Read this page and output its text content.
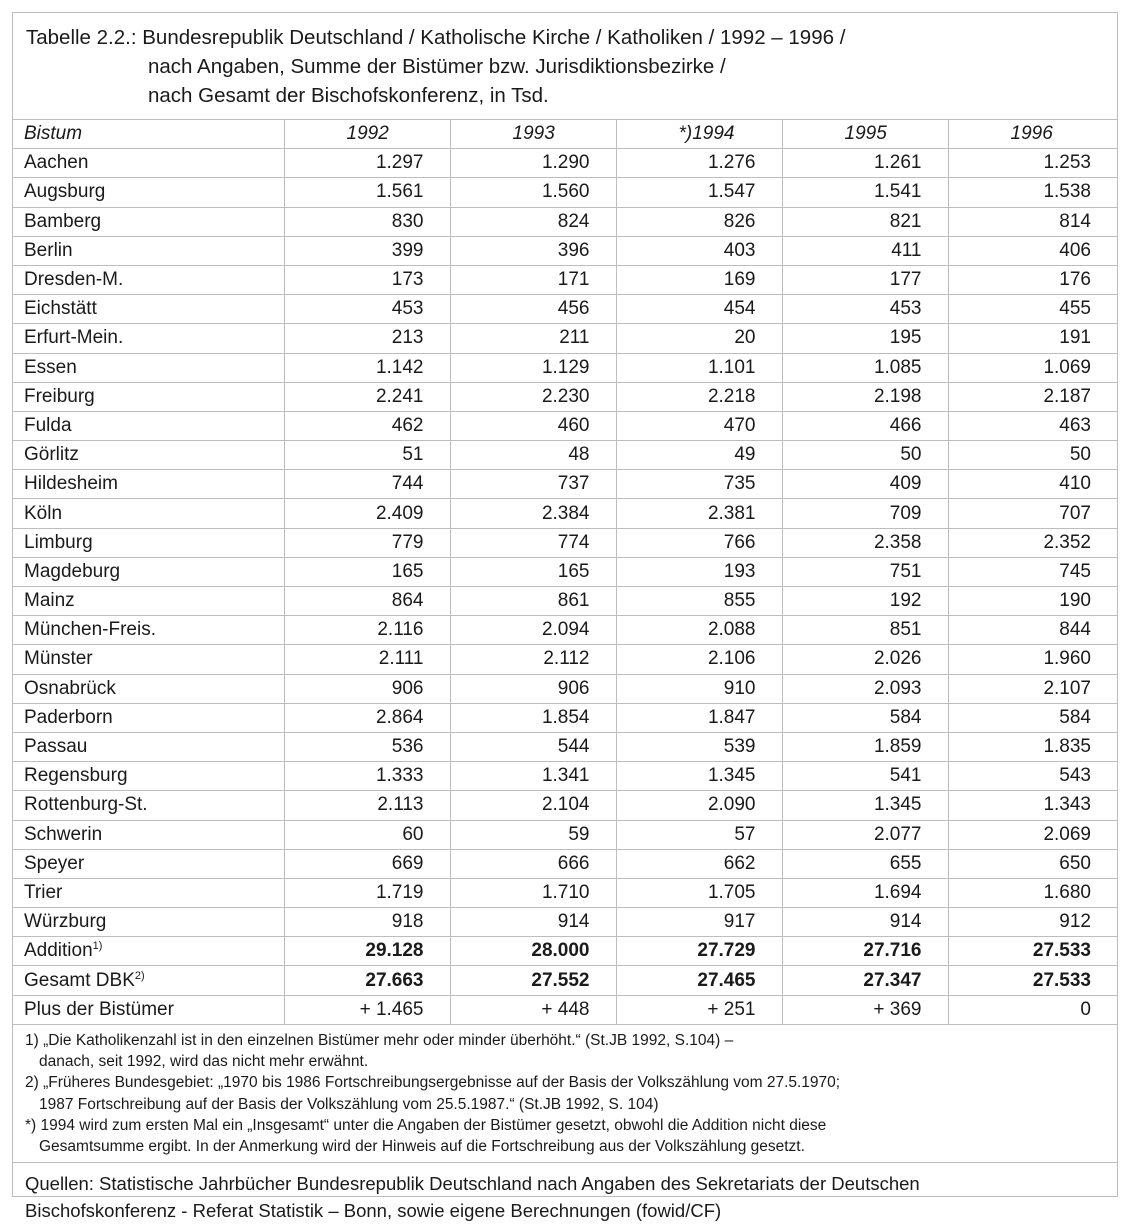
Tabelle 2.2.: Bundesrepublik Deutschland / Katholische Kirche / Katholiken / 1992 – 1996 /
nach Angaben, Summe der Bistümer bzw. Jurisdiktionsbezirke /
nach Gesamt der Bischofskonferenz, in Tsd.
Bistum	1992	1993	*)1994	1995	1996
Aachen	1.297	1.290	1.276	1.261	1.253
Augsburg	1.561	1.560	1.547	1.541	1.538
Bamberg	830	824	826	821	814
Berlin	399	396	403	411	406
Dresden-M.	173	171	169	177	176
Eichstätt	453	456	454	453	455
Erfurt-Mein.	213	211	20	195	191
Essen	1.142	1.129	1.101	1.085	1.069
Freiburg	2.241	2.230	2.218	2.198	2.187
Fulda	462	460	470	466	463
Görlitz	51	48	49	50	50
Hildesheim	744	737	735	409	410
Köln	2.409	2.384	2.381	709	707
Limburg	779	774	766	2.358	2.352
Magdeburg	165	165	193	751	745
Mainz	864	861	855	192	190
München-Freis.	2.116	2.094	2.088	851	844
Münster	2.111	2.112	2.106	2.026	1.960
Osnabrück	906	906	910	2.093	2.107
Paderborn	2.864	1.854	1.847	584	584
Passau	536	544	539	1.859	1.835
Regensburg	1.333	1.341	1.345	541	543
Rottenburg-St.	2.113	2.104	2.090	1.345	1.343
Schwerin	60	59	57	2.077	2.069
Speyer	669	666	662	655	650
Trier	1.719	1.710	1.705	1.694	1.680
Würzburg	918	914	917	914	912
Addition$^{1)}$	29.128	28.000	27.729	27.716	27.533
Gesamt DBK$^{2)}$	27.663	27.552	27.465	27.347	27.533
Plus der Bistümer	+ 1.465	+ 448	+ 251	+ 369	0
1) „Die Katholikenzahl ist in den einzelnen Bistümer mehr oder minder überhöht.“ (St.JB 1992, S.104) –
danach, seit 1992, wird das nicht mehr erwähnt.
2) „Früheres Bundesgebiet: „1970 bis 1986 Fortschreibungsergebnisse auf der Basis der Volkszählung vom 27.5.1970;
1987 Fortschreibung auf der Basis der Volkszählung vom 25.5.1987.“ (St.JB 1992, S. 104)
*) 1994 wird zum ersten Mal ein „Insgesamt“ unter die Angaben der Bistümer gesetzt, obwohl die Addition nicht diese
Gesamtsumme ergibt. In der Anmerkung wird der Hinweis auf die Fortschreibung aus der Volkszählung gesetzt.
Quellen: Statistische Jahrbücher Bundesrepublik Deutschland nach Angaben des Sekretariats der Deutschen
Bischofskonferenz - Referat Statistik – Bonn, sowie eigene Berechnungen (fowid/CF)
